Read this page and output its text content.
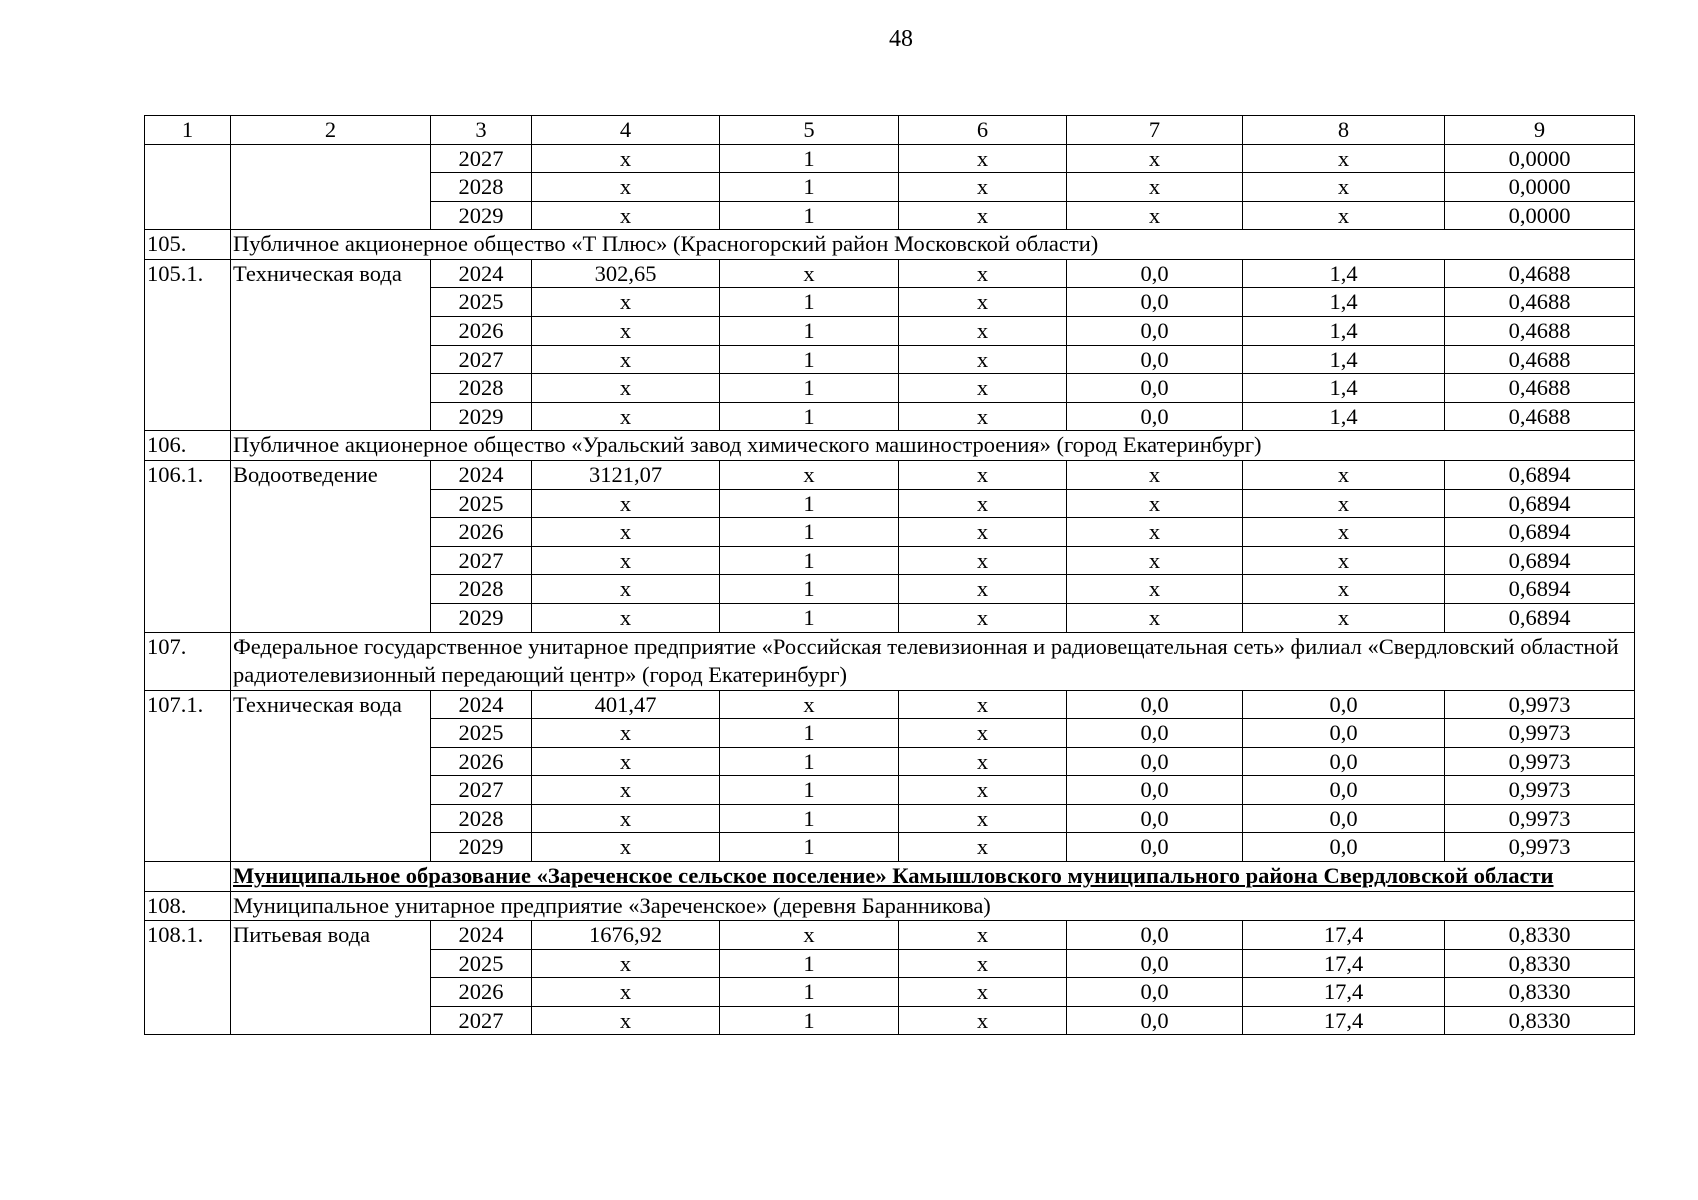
48
1	2	3	4	5	6	7	8	9
		2027	x	1	x	x	x	0,0000
		2028	x	1	x	x	x	0,0000
		2029	x	1	x	x	x	0,0000
105.	Публичное акционерное общество «Т Плюс» (Красногорский район Московской области)							
105.1.	Техническая вода	2024	302,65	x	x	0,0	1,4	0,4688
		2025	x	1	x	0,0	1,4	0,4688
		2026	x	1	x	0,0	1,4	0,4688
		2027	x	1	x	0,0	1,4	0,4688
		2028	x	1	x	0,0	1,4	0,4688
		2029	x	1	x	0,0	1,4	0,4688
106.	Публичное акционерное общество «Уральский завод химического машиностроения» (город Екатеринбург)							
106.1.	Водоотведение	2024	3121,07	x	x	x	x	0,6894
		2025	x	1	x	x	x	0,6894
		2026	x	1	x	x	x	0,6894
		2027	x	1	x	x	x	0,6894
		2028	x	1	x	x	x	0,6894
		2029	x	1	x	x	x	0,6894
107.	Федеральное государственное унитарное предприятие «Российская телевизионная и радиовещательная сеть» филиал «Свердловский областной радиотелевизионный передающий центр» (город Екатеринбург)							
107.1.	Техническая вода	2024	401,47	x	x	0,0	0,0	0,9973
		2025	x	1	x	0,0	0,0	0,9973
		2026	x	1	x	0,0	0,0	0,9973
		2027	x	1	x	0,0	0,0	0,9973
		2028	x	1	x	0,0	0,0	0,9973
		2029	x	1	x	0,0	0,0	0,9973
	Муниципальное образование «Зареченское сельское поселение» Камышловского муниципального района Свердловской области							
108.	Муниципальное унитарное предприятие «Зареченское» (деревня Баранникова)							
108.1.	Питьевая вода	2024	1676,92	x	x	0,0	17,4	0,8330
		2025	x	1	x	0,0	17,4	0,8330
		2026	x	1	x	0,0	17,4	0,8330
		2027	x	1	x	0,0	17,4	0,8330
